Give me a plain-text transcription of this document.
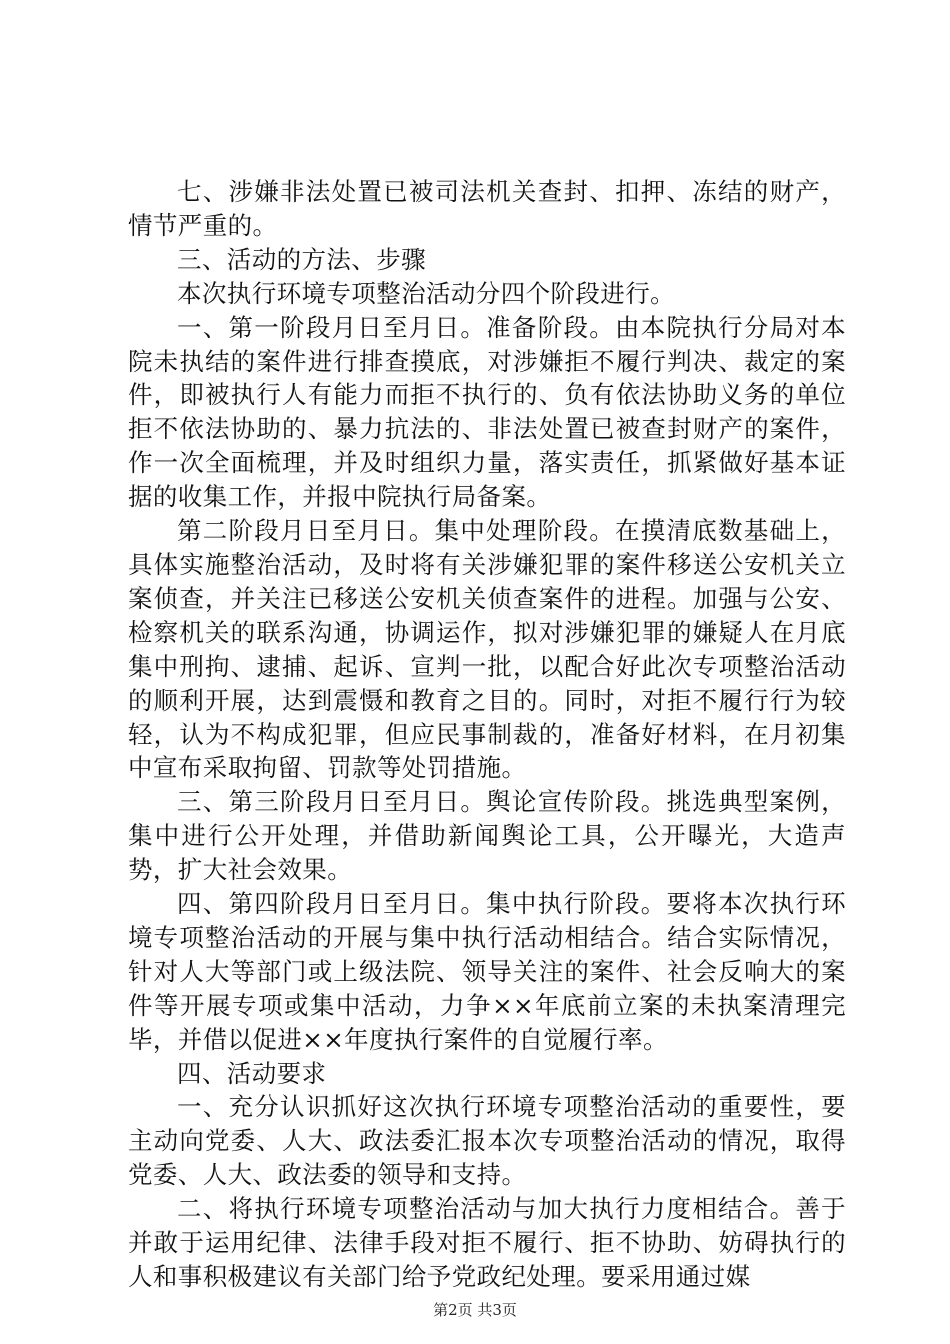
七、涉嫌非法处置已被司法机关查封、扣押、冻结的财产，情节严重的。

三、活动的方法、步骤

本次执行环境专项整治活动分四个阶段进行。

一、第一阶段月日至月日。准备阶段。由本院执行分局对本院未执结的案件进行排查摸底，对涉嫌拒不履行判决、裁定的案件，即被执行人有能力而拒不执行的、负有依法协助义务的单位拒不依法协助的、暴力抗法的、非法处置已被查封财产的案件，作一次全面梳理，并及时组织力量，落实责任，抓紧做好基本证据的收集工作，并报中院执行局备案。

第二阶段月日至月日。集中处理阶段。在摸清底数基础上，具体实施整治活动，及时将有关涉嫌犯罪的案件移送公安机关立案侦查，并关注已移送公安机关侦查案件的进程。加强与公安、检察机关的联系沟通，协调运作，拟对涉嫌犯罪的嫌疑人在月底集中刑拘、逮捕、起诉、宣判一批，以配合好此次专项整治活动的顺利开展，达到震慑和教育之目的。同时，对拒不履行行为较轻，认为不构成犯罪，但应民事制裁的，准备好材料，在月初集中宣布采取拘留、罚款等处罚措施。

三、第三阶段月日至月日。舆论宣传阶段。挑选典型案例，集中进行公开处理，并借助新闻舆论工具，公开曝光，大造声势，扩大社会效果。

四、第四阶段月日至月日。集中执行阶段。要将本次执行环境专项整治活动的开展与集中执行活动相结合。结合实际情况，针对人大等部门或上级法院、领导关注的案件、社会反响大的案件等开展专项或集中活动，力争××年底前立案的未执案清理完毕，并借以促进××年度执行案件的自觉履行率。

四、活动要求

一、充分认识抓好这次执行环境专项整治活动的重要性，要主动向党委、人大、政法委汇报本次专项整治活动的情况，取得党委、人大、政法委的领导和支持。

二、将执行环境专项整治活动与加大执行力度相结合。善于并敢于运用纪律、法律手段对拒不履行、拒不协助、妨碍执行的人和事积极建议有关部门给予党政纪处理。要采用通过媒

第2页 共3页
